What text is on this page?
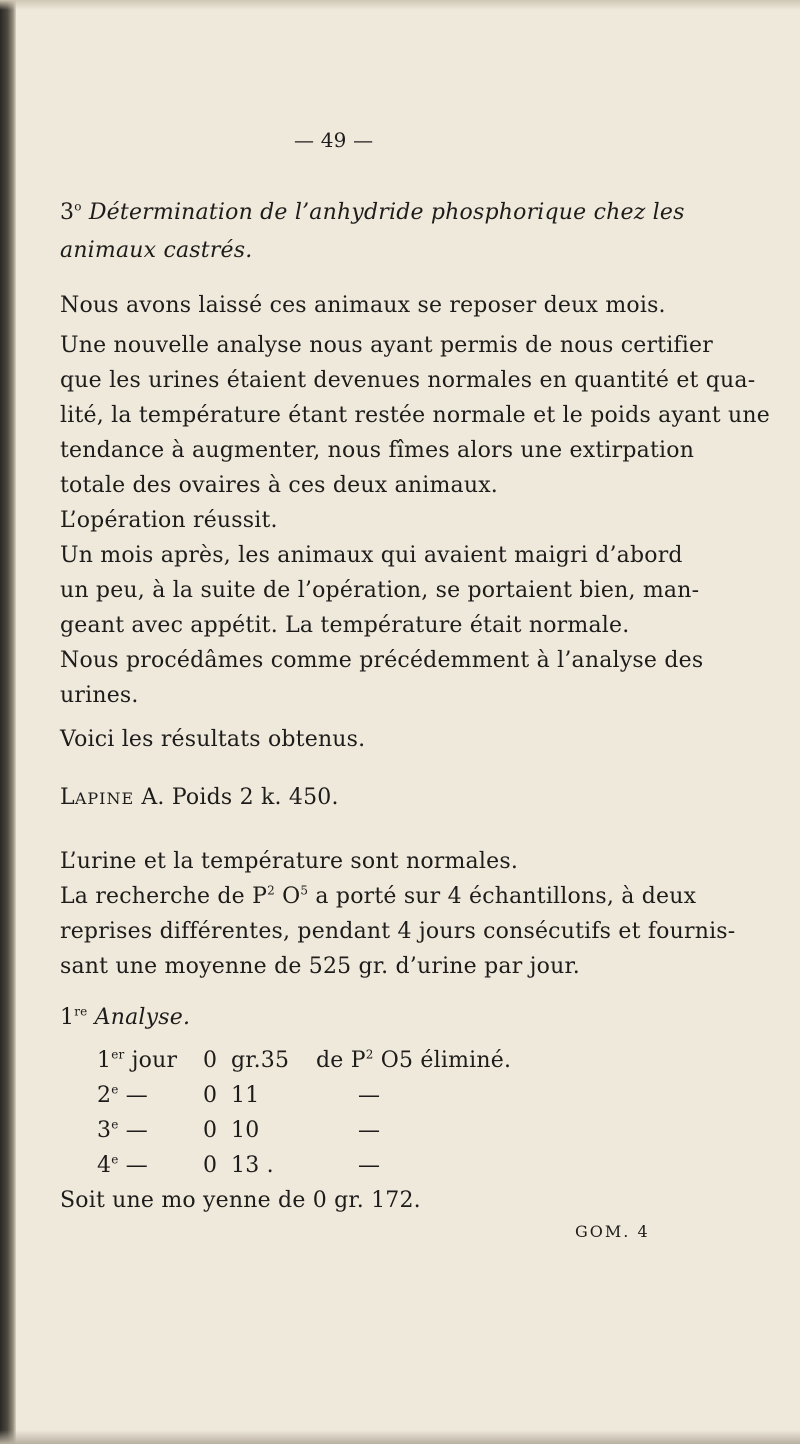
— 49 —
3$^o$ Détermination de l’anhydride phosphorique chez les
animaux castrés.
Nous avons laissé ces animaux se reposer deux mois.
Une nouvelle analyse nous ayant permis de nous certifier
que les urines étaient devenues normales en quantité et qua-
lité, la température étant restée normale et le poids ayant une
tendance à augmenter, nous fîmes alors une extirpation
totale des ovaires à ces deux animaux.
L’opération réussit.
Un mois après, les animaux qui avaient maigri d’abord
un peu, à la suite de l’opération, se portaient bien, man-
geant avec appétit. La température était normale.
Nous procédâmes comme précédemment à l’analyse des
urines.
Voici les résultats obtenus.
LAPINE A. Poids 2 k. 450.
L’urine et la température sont normales.
La recherche de $P^2$ $O^5$ a porté sur 4 échantillons, à deux
reprises différentes, pendant 4 jours consécutifs et fournis-
sant une moyenne de 525 gr. d’urine par jour.
1re Analyse.
1er jour 0 gr.35 de $P^2$ O5 éliminé.
2e —	0 11	—
3e —	0 10	—
4e —	0 13 .	—
Soit une mo yenne de 0 gr. 172.
GOM. 4
